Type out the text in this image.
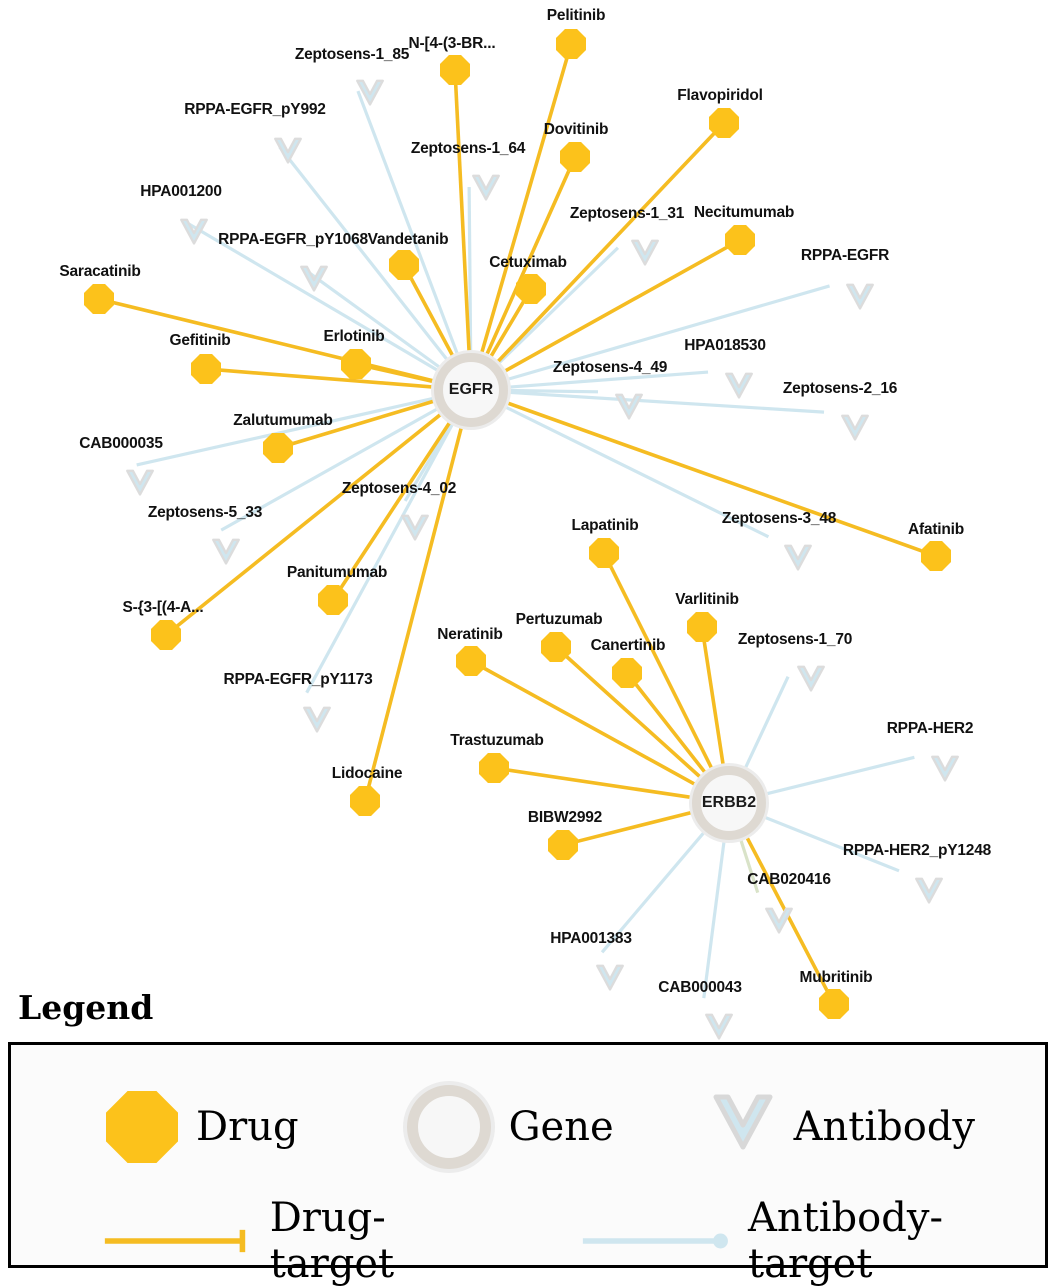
Zeptosens-1_85
RPPA-EGFR_pY992
Zeptosens-1_64
HPA001200
Zeptosens-1_31
RPPA-EGFR_pY1068
RPPA-EGFR
HPA018530
Zeptosens-4_49
Zeptosens-2_16
CAB000035
Zeptosens-5_33
Zeptosens-4_02
Zeptosens-3_48
Zeptosens-1_70
RPPA-EGFR_pY1173
RPPA-HER2
RPPA-HER2_pY1248
CAB020416
HPA001383
CAB000043
Pelitinib
N-[4-(3-BR...
Flavopiridol
Dovitinib
Necitumumab
Vandetanib
Cetuximab
Saracatinib
Gefitinib	Erlotinib
Zalutumumab
Afatinib
Lapatinib
Varlitinib
Panitumumab
S-{3-[(4-A...
Pertuzumab
Neratinib
Canertinib
Trastuzumab
Lidocaine
BIBW2992
Mubritinib
EGFR
ERBB2
Legend
Drug	Gene	Antibody
Drug-target
Antibody-target
